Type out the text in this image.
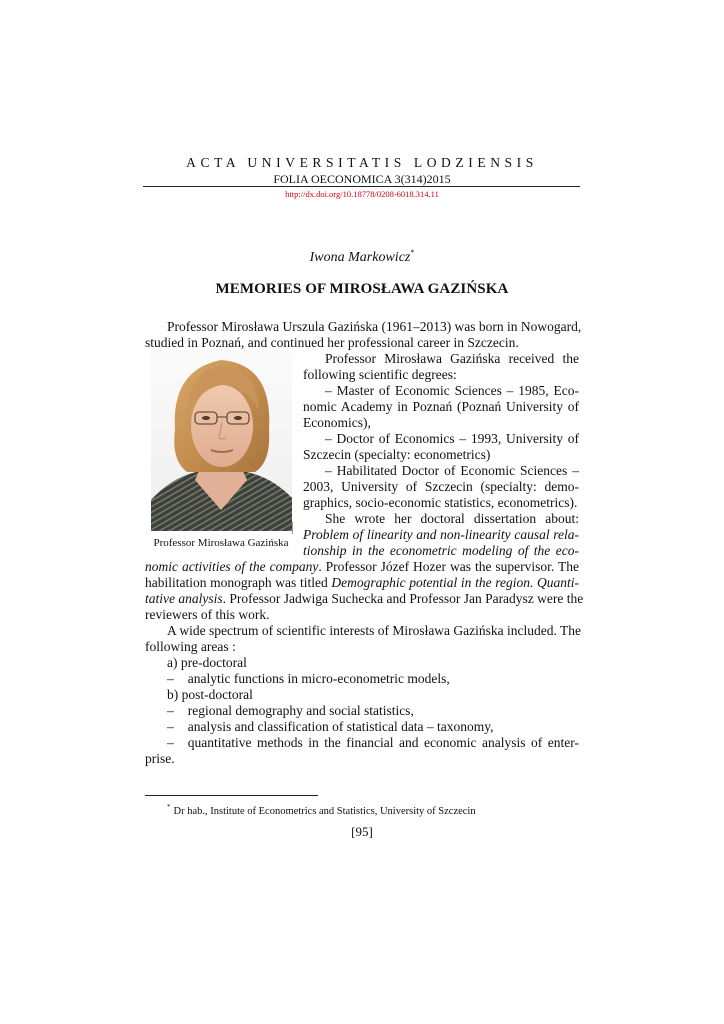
ACTA UNIVERSITATIS LODZIENSIS
FOLIA OECONOMICA 3(314)2015
http://dx.doi.org/10.18778/0208-6018.314.11
Iwona Markowicz*
MEMORIES OF MIROSŁAWA GAZIŃSKA
Professor Mirosława Urszula Gazińska (1961–2013) was born in Nowogard,
studied in Poznań, and continued her professional career in Szczecin.
Professor Mirosława Gazińska received the
following scientific degrees:
– Master of Economic Sciences – 1985, Eco-
nomic Academy in Poznań (Poznań University of
Economics),
– Doctor of Economics – 1993, University of
Szczecin (specialty: econometrics)
– Habilitated Doctor of Economic Sciences –
2003, University of Szczecin (specialty: demo-
graphics, socio-economic statistics, econometrics).
She wrote her doctoral dissertation about:
Problem of linearity and non-linearity causal rela-
tionship in the econometric modeling of the eco-
nomic activities of the company. Professor Józef Hozer was the supervisor. The
habilitation monograph was titled Demographic potential in the region. Quanti-
tative analysis. Professor Jadwiga Suchecka and Professor Jan Paradysz were the
reviewers of this work.
A wide spectrum of scientific interests of Mirosława Gazińska included. The
following areas :
a) pre-doctoral
– analytic functions in micro-econometric models,
b) post-doctoral
– regional demography and social statistics,
– analysis and classification of statistical data – taxonomy,
– quantitative methods in the financial and economic analysis of enter-
prise.
Professor Mirosława Gazińska
* Dr hab., Institute of Econometrics and Statistics, University of Szczecin
[95]
